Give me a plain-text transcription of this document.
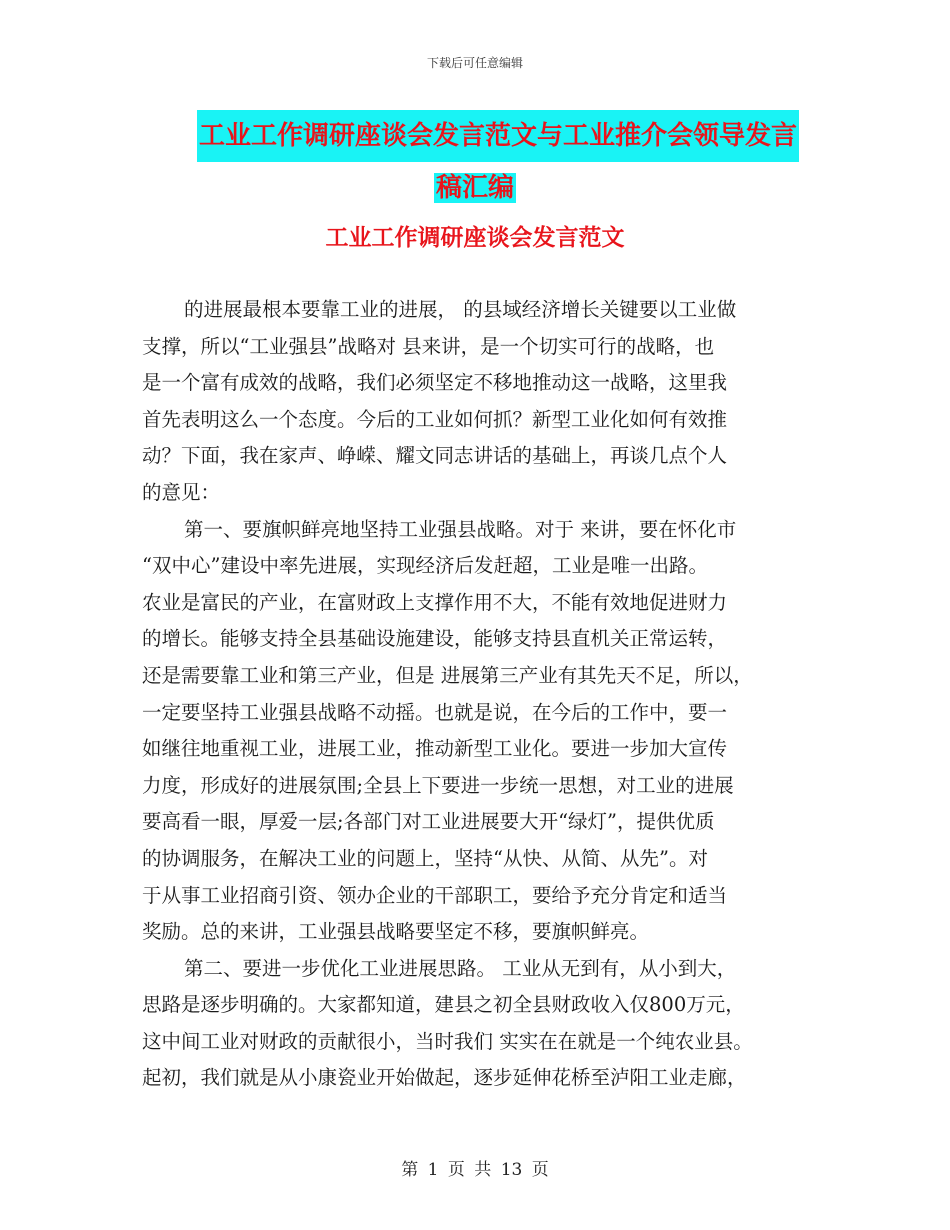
下载后可任意编辑
工业工作调研座谈会发言范文与工业推介会领导发言
稿汇编
工业工作调研座谈会发言范文
的进展最根本要靠工业的进展， 的县域经济增长关键要以工业做
支撑，所以“工业强县”战略对 县来讲，是一个切实可行的战略，也
是一个富有成效的战略，我们必须坚定不移地推动这一战略，这里我
首先表明这么一个态度。今后的工业如何抓？新型工业化如何有效推
动？下面，我在家声、峥嵘、耀文同志讲话的基础上，再谈几点个人
的意见：
第一、要旗帜鲜亮地坚持工业强县战略。对于 来讲，要在怀化市
“双中心”建设中率先进展，实现经济后发赶超，工业是唯一出路。
农业是富民的产业，在富财政上支撑作用不大，不能有效地促进财力
的增长。能够支持全县基础设施建设，能够支持县直机关正常运转，
还是需要靠工业和第三产业，但是 进展第三产业有其先天不足，所以，
一定要坚持工业强县战略不动摇。也就是说，在今后的工作中，要一
如继往地重视工业，进展工业，推动新型工业化。要进一步加大宣传
力度，形成好的进展氛围;全县上下要进一步统一思想，对工业的进展
要高看一眼，厚爱一层;各部门对工业进展要大开“绿灯”，提供优质
的协调服务，在解决工业的问题上，坚持“从快、从简、从先”。对
于从事工业招商引资、领办企业的干部职工，要给予充分肯定和适当
奖励。总的来讲，工业强县战略要坚定不移，要旗帜鲜亮。
第二、要进一步优化工业进展思路。 工业从无到有，从小到大，
思路是逐步明确的。大家都知道，建县之初全县财政收入仅800万元，
这中间工业对财政的贡献很小，当时我们 实实在在就是一个纯农业县。
起初，我们就是从小康瓷业开始做起，逐步延伸花桥至泸阳工业走廊，
第 1 页 共 13 页
